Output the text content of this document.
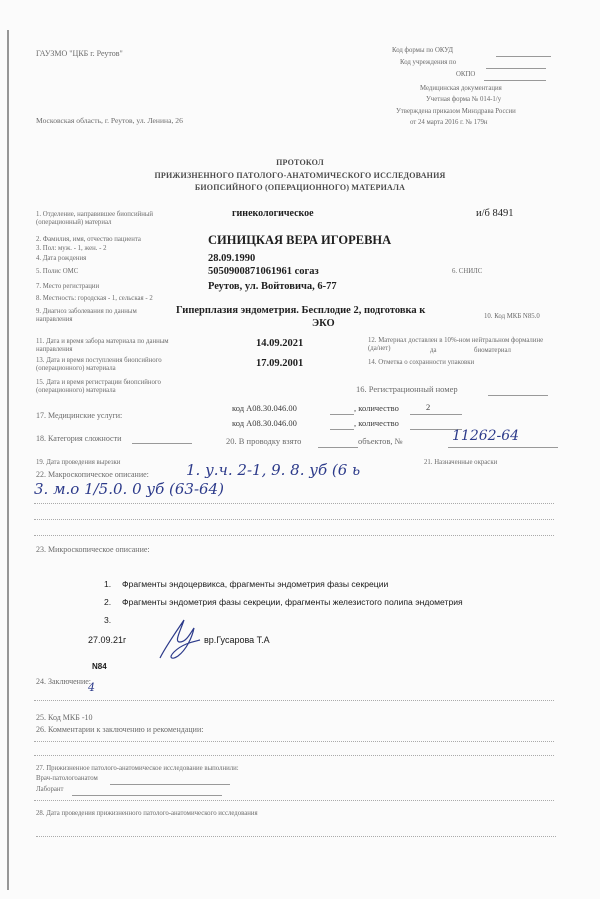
ГАУЗМО "ЦКБ г. Реутов"
Московская область, г. Реутов, ул. Ленина, 26
Код формы по ОКУД
Код учреждения по
ОКПО
Медицинская документация
Учетная форма № 014-1/у
Утверждена приказом Минздрава России
от 24 марта 2016 г. № 179н
ПРОТОКОЛ
ПРИЖИЗНЕННОГО ПАТОЛОГО-АНАТОМИЧЕСКОГО ИССЛЕДОВАНИЯ
БИОПСИЙНОГО (ОПЕРАЦИОННОГО) МАТЕРИАЛА
1. Отделение, направившее биопсийный (операционный) материал
гинекологическое	и/б 8491
2. Фамилия, имя, отчество пациента	СИНИЦКАЯ ВЕРА ИГОРЕВНА
3. Пол: муж. - 1, жен. - 2
4. Дата рождения	28.09.1990
5. Полис ОМС	5050900871061961 согаз	6. СНИЛС
7. Место регистрации	Реутов, ул. Войтовича, 6-77
8. Местность: городская - 1, сельская - 2
9. Диагноз заболевания по данным направления
Гиперплазия эндометрия. Бесплодие 2, подготовка к
ЭКО
10. Код МКБ N85.0
11. Дата и время забора материала по данным направления
14.09.2021	12. Материал доставлен в 10%-ном нейтральном формалине (да/нет)	да	биоматериал
13. Дата и время поступления биопсийного (операционного) материала	17.09.2001	14. Отметка о сохранности упаковки
15. Дата и время регистрации биопсийного (операционного) материала	16. Регистрационный номер
17. Медицинские услуги:
код A08.30.046.00	, количество	2
код A08.30.046.00	, количество
18. Категория сложности	20. В проводку взято	объектов, №	11262-64
19. Дата проведения вырезки	21. Назначенные окраски
22. Макроскопическое описание: 1. у.ч. 2-1, 9. 8. уб (6 ь
3. м.о 1/5.0. 0 уб (63-64)
23. Микроскопическое описание:
1. Фрагменты эндоцервикса, фрагменты эндометрия фазы секреции
2. Фрагменты эндометрия фазы секреции, фрагменты железистого полипа эндометрия
3.
27.09.21г	вр.Гусарова Т.А
N84
24. Заключение:
4
25. Код МКБ -10
26. Комментарии к заключению и рекомендации:
27. Прижизненное патолого-анатомическое исследование выполнили:
Врач-патологоанатом
Лаборант
28. Дата проведения прижизненного патолого-анатомического исследования
